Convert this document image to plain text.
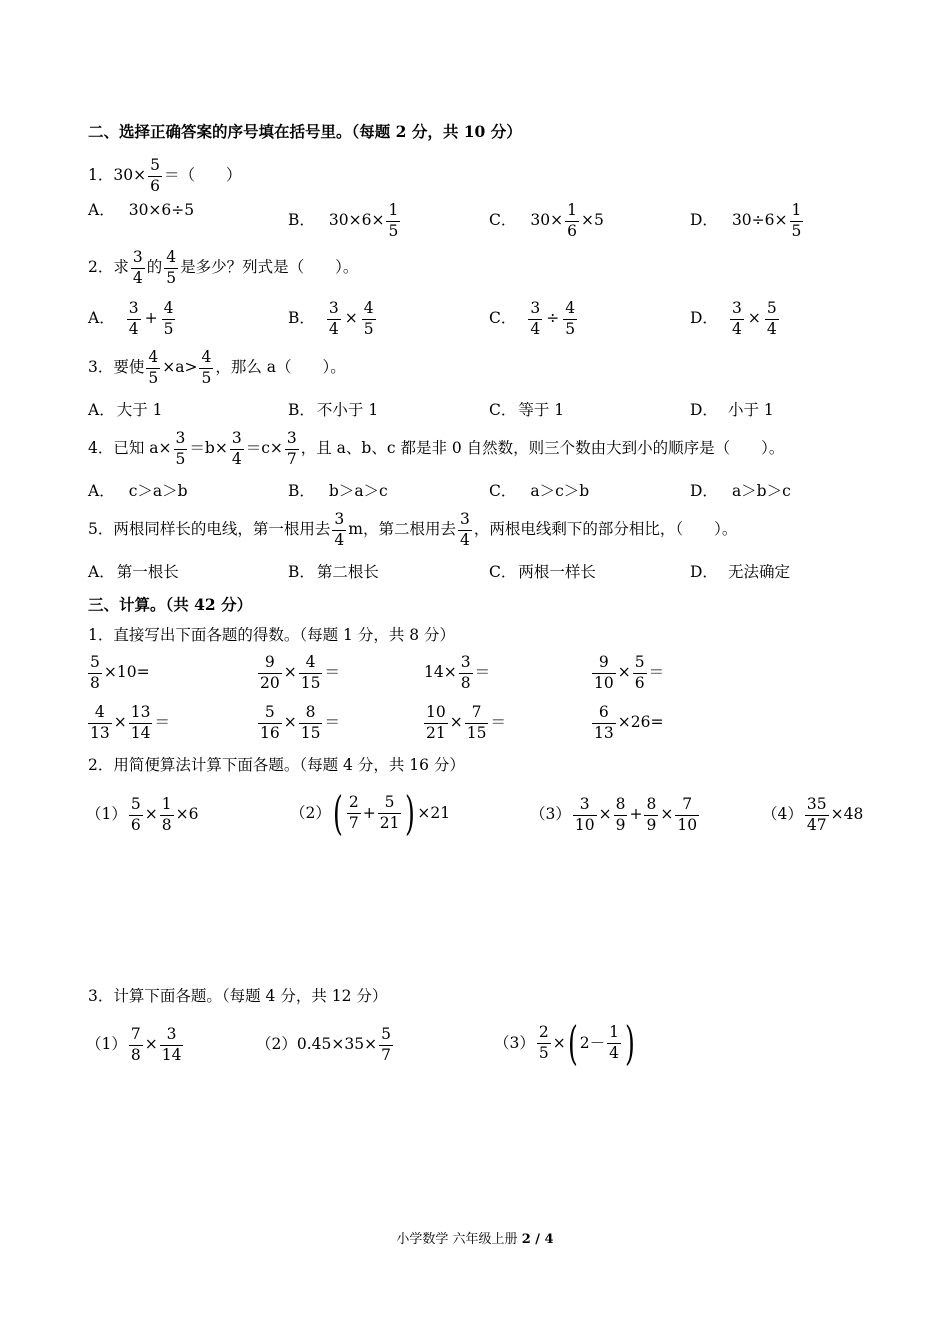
二、选择正确答案的序号填在括号里。（每题 2 分，共 10 分）
1． $30\times \frac{5}{6}$ ＝（　　）
A． 30×6÷5
B． $30\times 6\times \frac{1}{5}$	C． $30\times \frac{1}{6} \times 5$	D． $30\div 6\times \frac{1}{5}$
2． 求 $\frac{3}{4}$ 的 $\frac{4}{5}$ 是多少？列式是（　　）。
A． $\frac{3}{4} + \frac{4}{5}$	B． $\frac{3}{4} \times \frac{4}{5}$	C． $\frac{3}{4} \div \frac{4}{5}$	D． $\frac{3}{4} \times \frac{5}{4}$
3． 要使 $\frac{4}{5} \times a> \frac{4}{5}$ ，那么 a（　　）。
A． 大于 1	B． 不小于 1	C． 等于 1	D． 小于 1
4． 已知 $a\times \frac{3}{5} =b\times \frac{3}{4} =c\times \frac{3}{7}$ ，且 a、b、c 都是非 0 自然数，则三个数由大到小的顺序是（　　）。
A． c＞a＞b	B． b＞a＞c	C． a＞c＞b	D． a＞b＞c
5． 两根同样长的电线，第一根用去 $\frac{3}{4}$ m，第二根用去 $\frac{3}{4}$ ，两根电线剩下的部分相比，（　　）。
A． 第一根长	B． 第二根长	C． 两根一样长	D． 无法确定
三、计算。（共 42 分）
1．直接写出下面各题的得数。（每题 1 分，共 8 分）
$\frac{5}{8} \times 10=$	$\frac{9}{20} \times \frac{4}{15}$ ＝	$14\times \frac{3}{8}$ ＝	$\frac{9}{10} \times \frac{5}{6}$ ＝
$\frac{4}{13} \times \frac{13}{14}$ ＝	$\frac{5}{16} \times \frac{8}{15}$ ＝	$\frac{10}{21} \times \frac{7}{15}$ ＝	$\frac{6}{13} \times 26=$
2．用简便算法计算下面各题。（每题 4 分，共 16 分）
$(1) \frac{5}{6} \times \frac{1}{8} \times 6$	（2） ( $\frac{2}{7} + \frac{5}{21}$ ) ×21	$(3) \frac{3}{10} \times \frac{8}{9} + \frac{8}{9} \times \frac{7}{10}$	$(4) \frac{35}{47} \times 48$
3．计算下面各题。（每题 4 分，共 12 分）
$(1) \frac{7}{8} \times \frac{3}{14}$	（2） $0.45\times 35\times \frac{5}{7}$	$(3) \frac{2}{5}$ × ( $2- \frac{1}{4}$ )
小学数学 六年级上册 2 / 4
